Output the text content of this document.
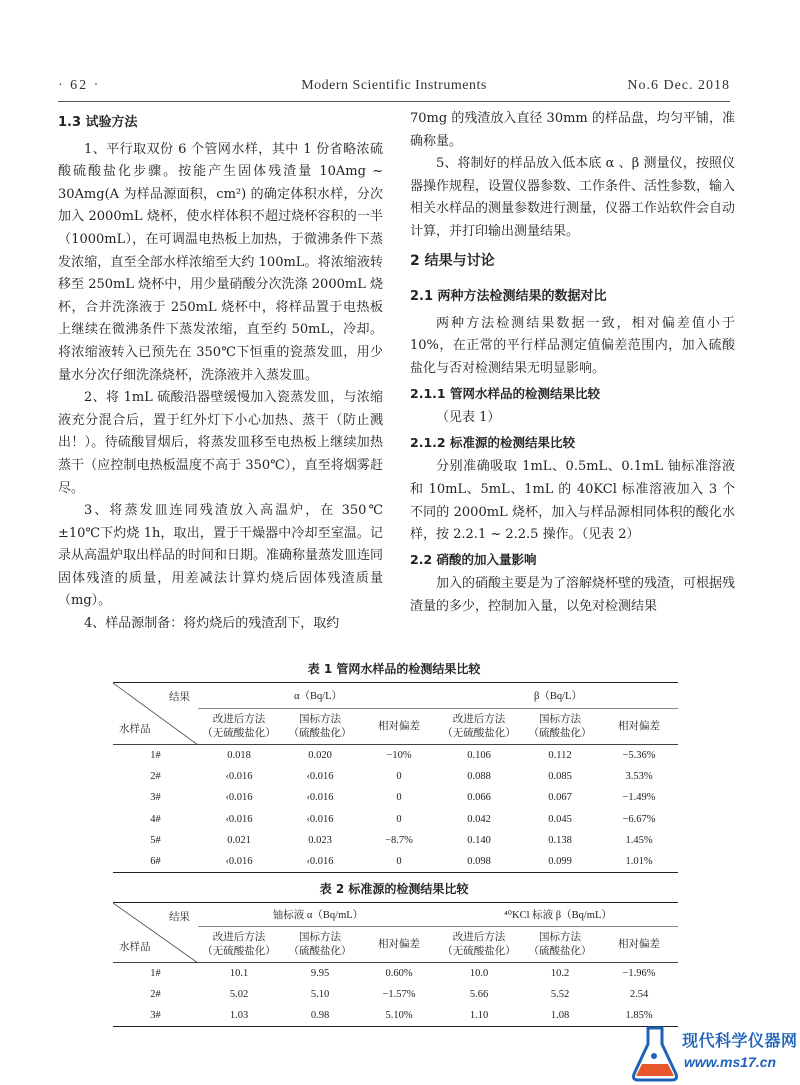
· 62 ·	Modern Scientific Instruments	No.6 Dec. 2018
1.3 试验方法

1、平行取双份 6 个管网水样，其中 1 份省略浓硫酸硫酸盐化步骤。按能产生固体残渣量 10Amg ~ 30Amg(A 为样品源面积，cm²) 的确定体积水样，分次加入 2000mL 烧杯，使水样体积不超过烧杯容积的一半（1000mL），在可调温电热板上加热，于微沸条件下蒸发浓缩，直至全部水样浓缩至大约 100mL。将浓缩液转移至 250mL 烧杯中，用少量硝酸分次洗涤 2000mL 烧杯，合并洗涤液于 250mL 烧杯中，将样品置于电热板上继续在微沸条件下蒸发浓缩，直至约 50mL，冷却。将浓缩液转入已预先在 350℃下恒重的瓷蒸发皿，用少量水分次仔细洗涤烧杯，洗涤液并入蒸发皿。

2、将 1mL 硫酸沿器壁缓慢加入瓷蒸发皿，与浓缩液充分混合后，置于红外灯下小心加热、蒸干（防止溅出！）。待硫酸冒烟后，将蒸发皿移至电热板上继续加热蒸干（应控制电热板温度不高于 350℃），直至将烟雾赶尽。

3、将蒸发皿连同残渣放入高温炉，在 350℃ ±10℃下灼烧 1h，取出，置于干燥器中冷却至室温。记录从高温炉取出样品的时间和日期。准确称量蒸发皿连同固体残渣的质量，用差减法计算灼烧后固体残渣质量（mg）。

4、样品源制备：将灼烧后的残渣刮下，取约

70mg 的残渣放入直径 30mm 的样品盘，均匀平铺，准确称量。

5、将制好的样品放入低本底 α 、β 测量仪，按照仪器操作规程，设置仪器参数、工作条件、活性参数，输入相关水样品的测量参数进行测量，仪器工作站软件会自动计算，并打印输出测量结果。

2 结果与讨论
2.1 两种方法检测结果的数据对比

两种方法检测结果数据一致，相对偏差值小于 10%，在正常的平行样品测定值偏差范围内，加入硫酸盐化与否对检测结果无明显影响。

2.1.1 管网水样品的检测结果比较

（见表 1）

2.1.2 标准源的检测结果比较

分别准确吸取 1mL、0.5mL、0.1mL 铀标准溶液和 10mL、5mL、1mL 的 40KCl 标准溶液加入 3 个不同的 2000mL 烧杯，加入与样品源相同体积的酸化水样，按 2.2.1 ~ 2.2.5 操作。（见表 2）

2.2 硝酸的加入量影响

加入的硝酸主要是为了溶解烧杯壁的残渣，可根据残渣量的多少，控制加入量，以免对检测结果

表 1 管网水样品的检测结果比较
结果
水样品	α（Bq/L）			β（Bq/L）		
	改进后方法
（无硫酸盐化）	国标方法
（硫酸盐化）	相对偏差	改进后方法
（无硫酸盐化）	国标方法
（硫酸盐化）	相对偏差
1#	0.018	0.020	−10%	0.106	0.112	−5.36%
2#	‹0.016	‹0.016	0	0.088	0.085	3.53%
3#	‹0.016	‹0.016	0	0.066	0.067	−1.49%
4#	‹0.016	‹0.016	0	0.042	0.045	−6.67%
5#	0.021	0.023	−8.7%	0.140	0.138	1.45%
6#	‹0.016	‹0.016	0	0.098	0.099	1.01%
表 2 标准源的检测结果比较
结果
水样品	铀标液 α（Bq/mL）			⁴⁰KCl 标液 β（Bq/mL）		
	改进后方法
（无硫酸盐化）	国标方法
（硫酸盐化）	相对偏差	改进后方法
（无硫酸盐化）	国标方法
（硫酸盐化）	相对偏差
1#	10.1	9.95	0.60%	10.0	10.2	−1.96%
2#	5.02	5.10	−1.57%	5.66	5.52	2.54
3#	1.03	0.98	5.10%	1.10	1.08	1.85%
现代科学仪器网
www.ms17.cn
